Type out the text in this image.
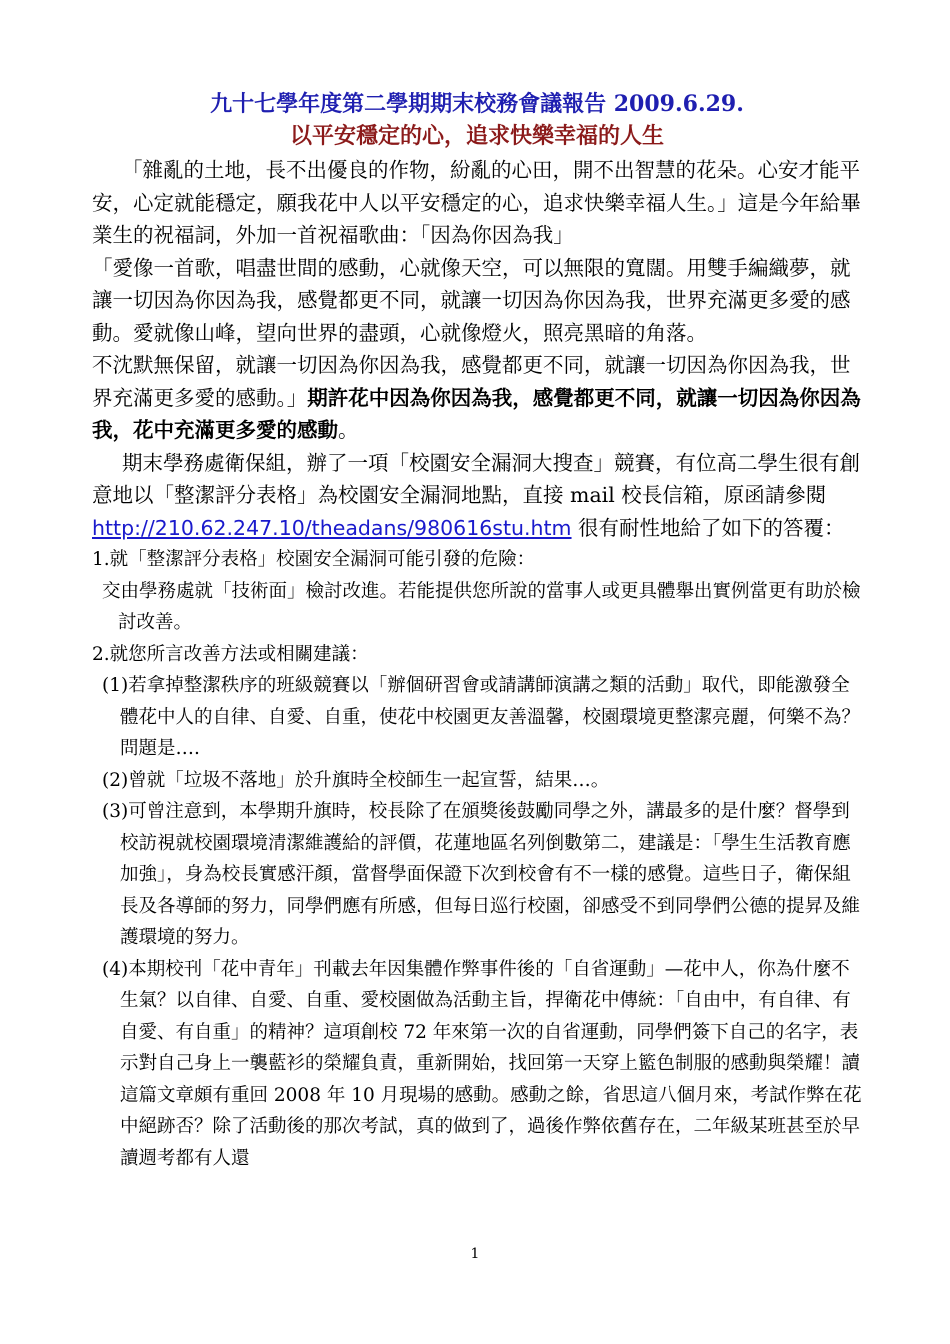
九十七學年度第二學期期末校務會議報告 2009.6.29.
以平安穩定的心，追求快樂幸福的人生

「雜亂的土地，長不出優良的作物，紛亂的心田，開不出智慧的花朵。心安才能平安，心定就能穩定，願我花中人以平安穩定的心，追求快樂幸福人生。」這是今年給畢業生的祝福詞，外加一首祝福歌曲：「因為你因為我」

「愛像一首歌，唱盡世間的感動，心就像天空，可以無限的寬闊。用雙手編織夢，就讓一切因為你因為我，感覺都更不同，就讓一切因為你因為我，世界充滿更多愛的感動。愛就像山峰，望向世界的盡頭，心就像燈火，照亮黑暗的角落。

不沈默無保留，就讓一切因為你因為我，感覺都更不同，就讓一切因為你因為我，世界充滿更多愛的感動。」期許花中因為你因為我，感覺都更不同，就讓一切因為你因為我，花中充滿更多愛的感動。

期末學務處衛保組，辦了一項「校園安全漏洞大搜查」競賽，有位高二學生很有創意地以「整潔評分表格」為校園安全漏洞地點，直接 mail 校長信箱，原函請參閱 http://210.62.247.10/theadans/980616stu.htm 很有耐性地給了如下的答覆：

1.就「整潔評分表格」校園安全漏洞可能引發的危險：

交由學務處就「技術面」檢討改進。若能提供您所說的當事人或更具體舉出實例當更有助於檢討改善。

2.就您所言改善方法或相關建議：

(1)若拿掉整潔秩序的班級競賽以「辦個研習會或請講師演講之類的活動」取代，即能激發全體花中人的自律、自愛、自重，使花中校園更友善溫馨，校園環境更整潔亮麗，何樂不為？問題是….

(2)曾就「垃圾不落地」於升旗時全校師生一起宣誓，結果…。

(3)可曾注意到，本學期升旗時，校長除了在頒獎後鼓勵同學之外，講最多的是什麼？督學到校訪視就校園環境清潔維護給的評價，花蓮地區名列倒數第二，建議是：「學生生活教育應加強」，身為校長實感汗顏，當督學面保證下次到校會有不一樣的感覺。這些日子，衛保組長及各導師的努力，同學們應有所感，但每日巡行校園，卻感受不到同學們公德的提昇及維護環境的努力。

(4)本期校刊「花中青年」刊載去年因集體作弊事件後的「自省運動」—花中人，你為什麼不生氣？以自律、自愛、自重、愛校園做為活動主旨，捍衛花中傳統：「自由中，有自律、有自愛、有自重」的精神？這項創校 72 年來第一次的自省運動，同學們簽下自己的名字，表示對自己身上一襲藍衫的榮耀負責，重新開始，找回第一天穿上籃色制服的感動與榮耀！讀這篇文章頗有重回 2008 年 10 月現場的感動。感動之餘，省思這八個月來，考試作弊在花中絕跡否？除了活動後的那次考試，真的做到了，過後作弊依舊存在，二年級某班甚至於早讀週考都有人還

1
